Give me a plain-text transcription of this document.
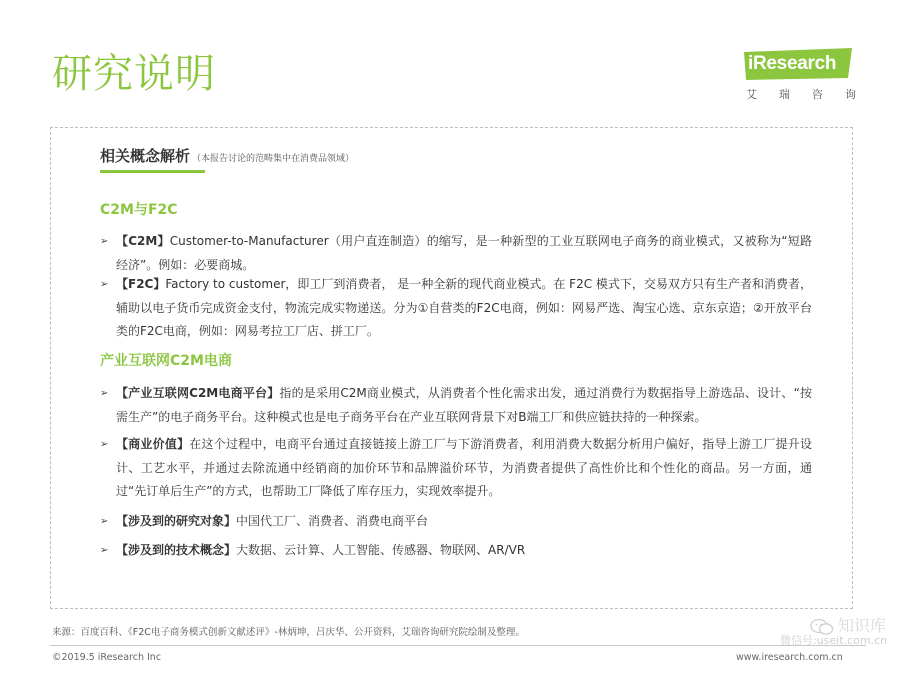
研究说明	iResearch
艾 瑞 咨 询
相关概念解析 （本报告讨论的范畴集中在消费品领域）
C2M与F2C
➢ 【C2M】Customer-to-Manufacturer（用户直连制造）的缩写，是一种新型的工业互联网电子商务的商业模式，又被称为“短路经济”。例如：必要商城。
➢ 【F2C】Factory to customer，即工厂到消费者， 是一种全新的现代商业模式。在 F2C 模式下，交易双方只有生产者和消费者，辅助以电子货币完成资金支付，物流完成实物递送。分为①自营类的F2C电商，例如：网易严选、淘宝心选、京东京造；②开放平台类的F2C电商，例如：网易考拉工厂店、拼工厂。
产业互联网C2M电商
➢ 【产业互联网C2M电商平台】指的是采用C2M商业模式，从消费者个性化需求出发，通过消费行为数据指导上游选品、设计、“按需生产”的电子商务平台。这种模式也是电子商务平台在产业互联网背景下对B端工厂和供应链扶持的一种探索。
➢ 【商业价值】在这个过程中，电商平台通过直接链接上游工厂与下游消费者，利用消费大数据分析用户偏好，指导上游工厂提升设计、工艺水平，并通过去除流通中经销商的加价环节和品牌溢价环节，为消费者提供了高性价比和个性化的商品。另一方面，通过“先订单后生产”的方式，也帮助工厂降低了库存压力，实现效率提升。
➢ 【涉及到的研究对象】中国代工厂、消费者、消费电商平台
➢ 【涉及到的技术概念】大数据、云计算、人工智能、传感器、物联网、AR/VR
来源：百度百科、《F2C电子商务模式创新文献述评》-林炳坤，吕庆华、公开资料，艾瑞咨询研究院绘制及整理。
©2019.5 iResearch Inc	www.iresearch.com.cn 4
知识库
微信号:useit.com.cn
